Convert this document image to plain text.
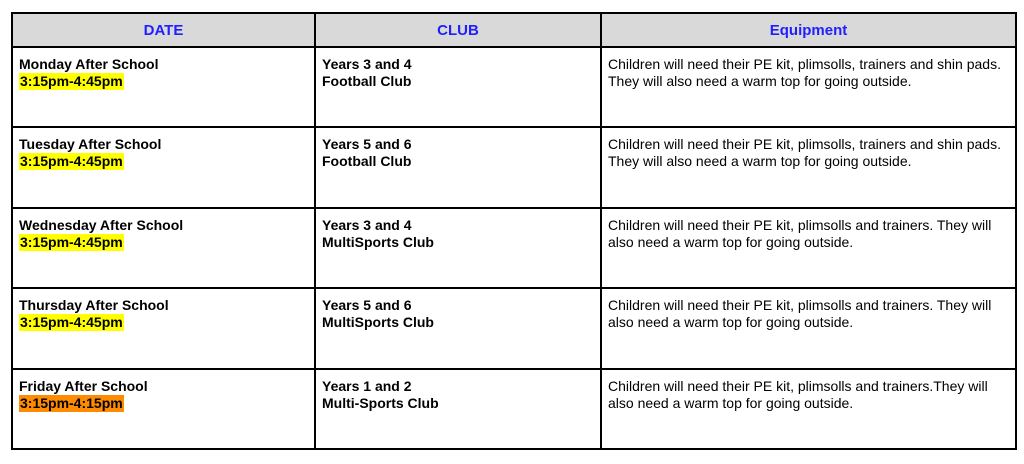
DATE	CLUB	Equipment

Monday After School
3:15pm-4:45pm	Years 3 and 4
Football Club	Children will need their PE kit, plimsolls, trainers and shin pads. They will also need a warm top for going outside.

Tuesday After School
3:15pm-4:45pm	Years 5 and 6
Football Club	Children will need their PE kit, plimsolls, trainers and shin pads. They will also need a warm top for going outside.

Wednesday After School
3:15pm-4:45pm	Years 3 and 4
MultiSports Club	Children will need their PE kit, plimsolls and trainers. They will also need a warm top for going outside.

Thursday After School
3:15pm-4:45pm	Years 5 and 6
MultiSports Club	Children will need their PE kit, plimsolls and trainers. They will also need a warm top for going outside.

Friday After School
3:15pm-4:15pm	Years 1 and 2
Multi-Sports Club	Children will need their PE kit, plimsolls and trainers.They will also need a warm top for going outside.
